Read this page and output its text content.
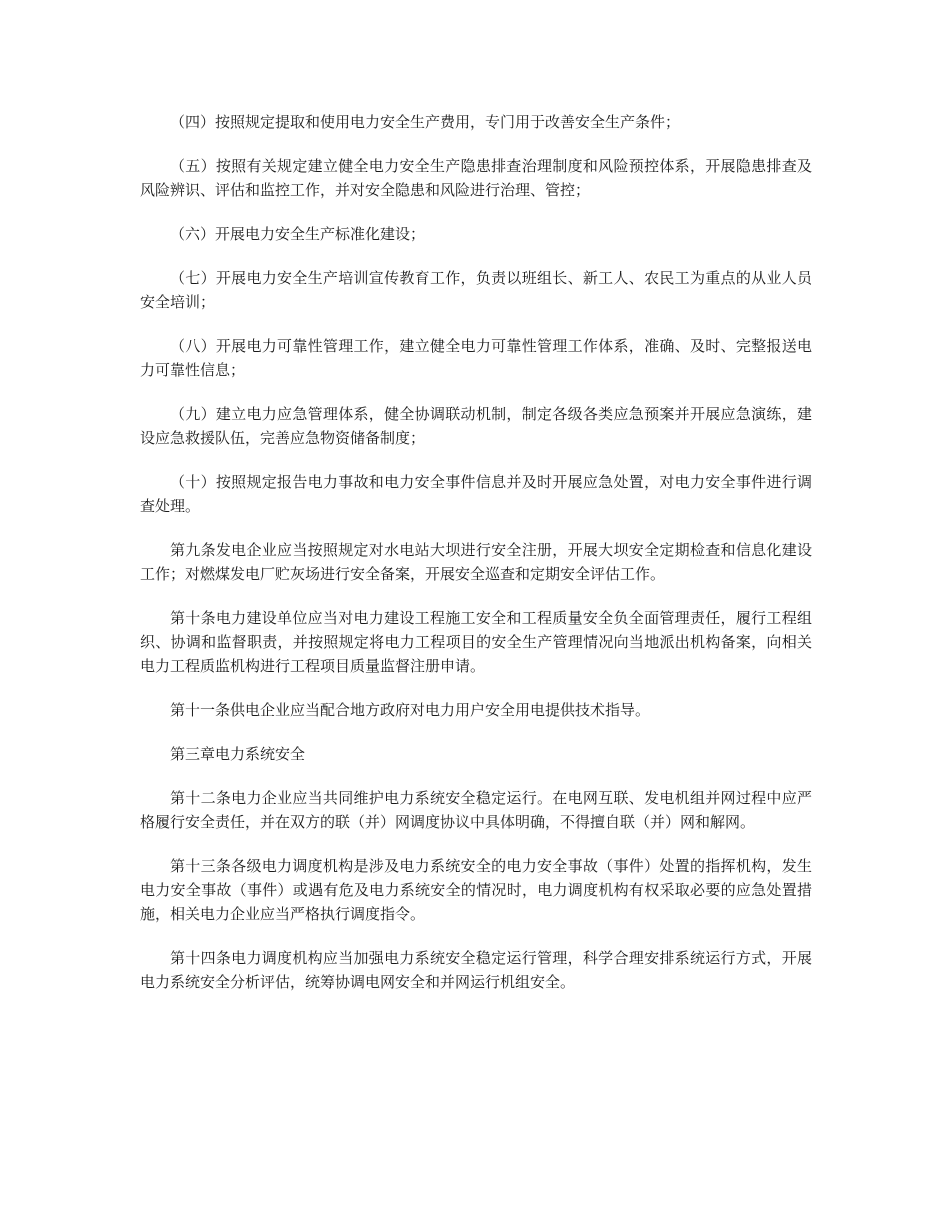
（四）按照规定提取和使用电力安全生产费用，专门用于改善安全生产条件；

（五）按照有关规定建立健全电力安全生产隐患排查治理制度和风险预控体系，开展隐患排查及风险辨识、评估和监控工作，并对安全隐患和风险进行治理、管控；

（六）开展电力安全生产标准化建设；

（七）开展电力安全生产培训宣传教育工作，负责以班组长、新工人、农民工为重点的从业人员安全培训；

（八）开展电力可靠性管理工作，建立健全电力可靠性管理工作体系，准确、及时、完整报送电力可靠性信息；

（九）建立电力应急管理体系，健全协调联动机制，制定各级各类应急预案并开展应急演练，建设应急救援队伍，完善应急物资储备制度；

（十）按照规定报告电力事故和电力安全事件信息并及时开展应急处置，对电力安全事件进行调查处理。

第九条发电企业应当按照规定对水电站大坝进行安全注册，开展大坝安全定期检查和信息化建设工作；对燃煤发电厂贮灰场进行安全备案，开展安全巡查和定期安全评估工作。

第十条电力建设单位应当对电力建设工程施工安全和工程质量安全负全面管理责任，履行工程组织、协调和监督职责，并按照规定将电力工程项目的安全生产管理情况向当地派出机构备案，向相关电力工程质监机构进行工程项目质量监督注册申请。

第十一条供电企业应当配合地方政府对电力用户安全用电提供技术指导。

第三章电力系统安全

第十二条电力企业应当共同维护电力系统安全稳定运行。在电网互联、发电机组并网过程中应严格履行安全责任，并在双方的联（并）网调度协议中具体明确，不得擅自联（并）网和解网。

第十三条各级电力调度机构是涉及电力系统安全的电力安全事故（事件）处置的指挥机构，发生电力安全事故（事件）或遇有危及电力系统安全的情况时，电力调度机构有权采取必要的应急处置措施，相关电力企业应当严格执行调度指令。

第十四条电力调度机构应当加强电力系统安全稳定运行管理，科学合理安排系统运行方式，开展电力系统安全分析评估，统筹协调电网安全和并网运行机组安全。
